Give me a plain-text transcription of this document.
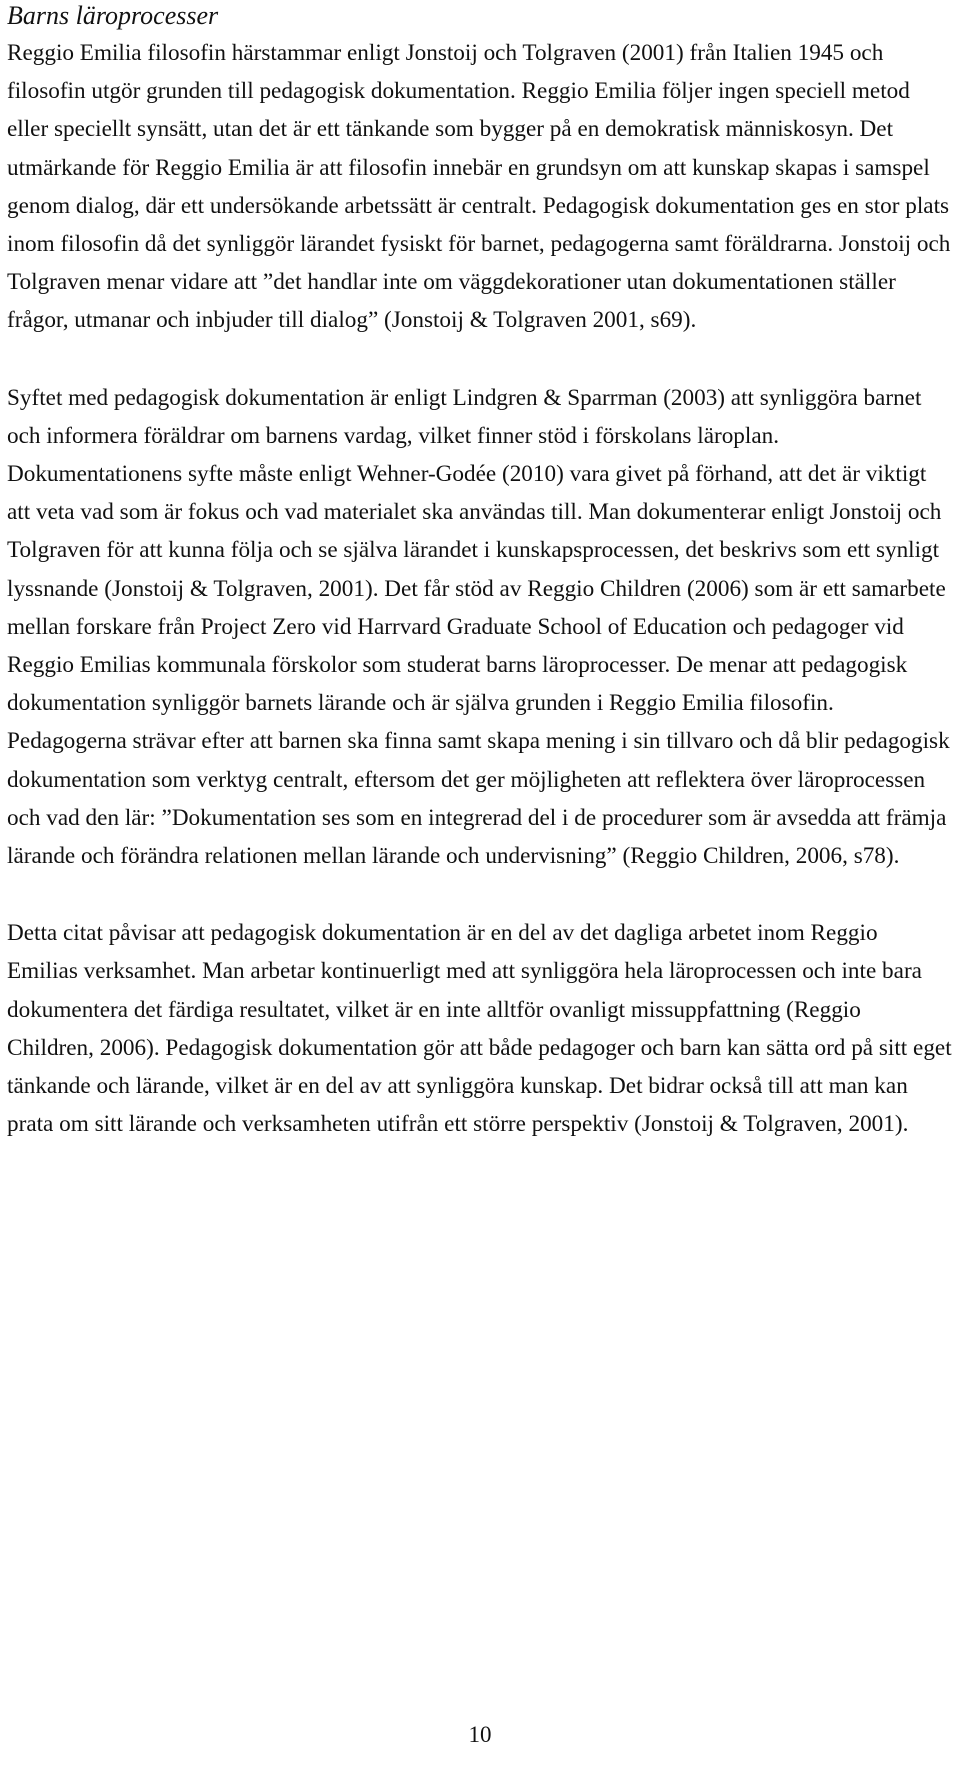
Barns läroprocesser

Reggio Emilia filosofin härstammar enligt Jonstoij och Tolgraven (2001) från Italien 1945 och filosofin utgör grunden till pedagogisk dokumentation. Reggio Emilia följer ingen speciell metod eller speciellt synsätt, utan det är ett tänkande som bygger på en demokratisk människosyn. Det utmärkande för Reggio Emilia är att filosofin innebär en grundsyn om att kunskap skapas i samspel genom dialog, där ett undersökande arbetssätt är centralt. Pedagogisk dokumentation ges en stor plats inom filosofin då det synliggör lärandet fysiskt för barnet, pedagogerna samt föräldrarna. Jonstoij och Tolgraven menar vidare att ”det handlar inte om väggdekorationer utan dokumentationen ställer frågor, utmanar och inbjuder till dialog” (Jonstoij & Tolgraven 2001, s69).

Syftet med pedagogisk dokumentation är enligt Lindgren & Sparrman (2003) att synliggöra barnet och informera föräldrar om barnens vardag, vilket finner stöd i förskolans läroplan. Dokumentationens syfte måste enligt Wehner-Godée (2010) vara givet på förhand, att det är viktigt att veta vad som är fokus och vad materialet ska användas till. Man dokumenterar enligt Jonstoij och Tolgraven för att kunna följa och se själva lärandet i kunskapsprocessen, det beskrivs som ett synligt lyssnande (Jonstoij & Tolgraven, 2001). Det får stöd av Reggio Children (2006) som är ett samarbete mellan forskare från Project Zero vid Harrvard Graduate School of Education och pedagoger vid Reggio Emilias kommunala förskolor som studerat barns läroprocesser. De menar att pedagogisk dokumentation synliggör barnets lärande och är själva grunden i Reggio Emilia filosofin. Pedagogerna strävar efter att barnen ska finna samt skapa mening i sin tillvaro och då blir pedagogisk dokumentation som verktyg centralt, eftersom det ger möjligheten att reflektera över läroprocessen och vad den lär: ”Dokumentation ses som en integrerad del i de procedurer som är avsedda att främja lärande och förändra relationen mellan lärande och undervisning” (Reggio Children, 2006, s78).

Detta citat påvisar att pedagogisk dokumentation är en del av det dagliga arbetet inom Reggio Emilias verksamhet. Man arbetar kontinuerligt med att synliggöra hela läroprocessen och inte bara dokumentera det färdiga resultatet, vilket är en inte alltför ovanligt missuppfattning (Reggio Children, 2006). Pedagogisk dokumentation gör att både pedagoger och barn kan sätta ord på sitt eget tänkande och lärande, vilket är en del av att synliggöra kunskap. Det bidrar också till att man kan prata om sitt lärande och verksamheten utifrån ett större perspektiv (Jonstoij & Tolgraven, 2001).

10
